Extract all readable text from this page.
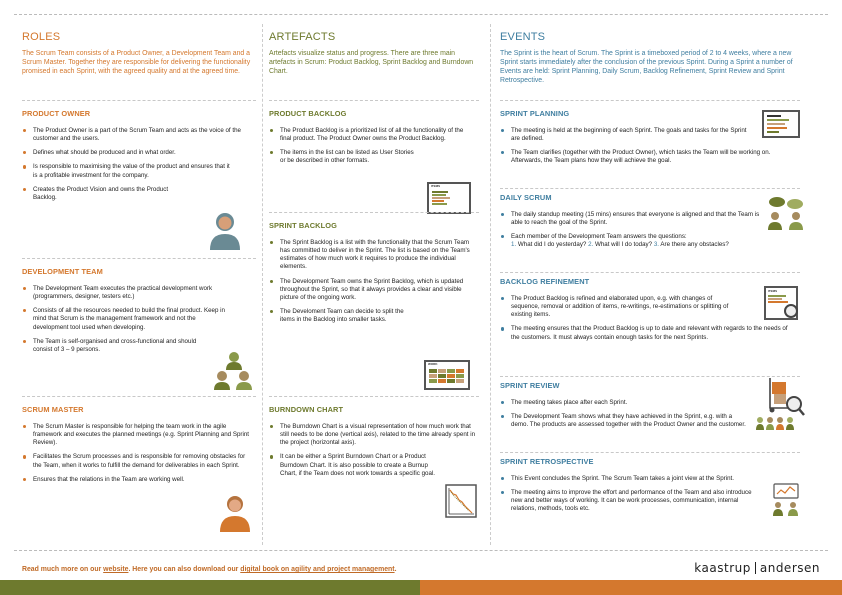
ROLES
The Scrum Team consists of a Product Owner, a Development Team and a Scrum Master. Together they are responsible for delivering the functionality promised in each Sprint, with the agreed quality and at the agreed time.
PRODUCT OWNER
The Product Owner is a part of the Scrum Team and acts as the voice of the customer and the users.
Defines what should be produced and in what order.
Is responsible to maximising the value of the product and ensures that it is a profitable investment for the company.
Creates the Product Vision and owns the Product Backlog.
DEVELOPMENT TEAM
The Development Team executes the practical development work (programmers, designer, testers etc.)
Consists of all the resources needed to build the final product. Keep in mind that Scrum is the management framework and not the development tool used when developing.
The Team is self-organised and cross-functional and should consist of 3 – 9 persons.
SCRUM MASTER
The Scrum Master is responsible for helping the team work in the agile framework and executes the planned meetings (e.g. Sprint Planning and Sprint Review).
Facilitates the Scrum processes and is responsible for removing obstacles for the Team, when it works to fulfill the demand for deliverables in each Sprint.
Ensures that the relations in the Team are working well.
ARTEFACTS
Artefacts visualize status and progress. There are three main artefacts in Scrum: Product Backlog, Sprint Backlog and Burndown Chart.
PRODUCT BACKLOG
The Product Backlog is a prioritized list of all the functionality of the final product. The Product Owner owns the Product Backlog.
The items in the list can be listed as User Stories or be described in other formats.
ITEMS
SPRINT BACKLOG
The Sprint Backlog is a list with the functionality that the Scrum Team has committed to deliver in the Sprint. The list is based on the Team's estimates of how much work it requires to produce the individual elements.
The Development Team owns the Sprint Backlog, which is updated throughout the Sprint, so that it always provides a clear and visible picture of the ongoing work.
The Develoment Team can decide to split the items in the Backlog into smaller tasks.
WORK
BURNDOWN CHART
The Burndown Chart is a visual representation of how much work that still needs to be done (vertical axis), related to the time already spent in the project (horizontal axis).
It can be either a Sprint Burndown Chart or a Product Burndown Chart. It is also possible to create a Burnup Chart, if the Team does not work towards a specific goal.
EVENTS
The Sprint is the heart of Scrum. The Sprint is a timeboxed period of 2 to 4 weeks, where a new Sprint starts immediately after the conclusion of the previous Sprint. During a Sprint a number of Events are held: Sprint Planning, Daily Scrum, Backlog Refinement, Sprint Review and Sprint Retrospective.
SPRINT PLANNING
The meeting is held at the beginning of each Sprint. The goals and tasks for the Sprint are defined.
The Team clarifies (together with the Product Owner), which tasks the Team will be working on. Afterwards, the Team plans how they will achieve the goal.
DAILY SCRUM
The daily standup meeting (15 mins) ensures that everyone is aligned and that the Team is able to reach the goal of the Sprint.
Each member of the Development Team answers the questions:
1. What did I do yesterday? 2. What will I do today? 3. Are there any obstacles?
BACKLOG REFINEMENT
The Product Backlog is refined and elaborated upon, e.g. with changes of sequence, removal or addition of items, re-writings, re-estimations or splitting of existing items.
The meeting ensures that the Product Backlog is up to date and relevant with regards to the needs of the customers. It must always contain enough tasks for the next Sprints.
ITEMS
SPRINT REVIEW
The meeting takes place after each Sprint.
The Development Team shows what they have achieved in the Sprint, e.g. with a demo. The products are assessed together with the Product Owner and the customer.
SPRINT RETROSPECTIVE
This Event concludes the Sprint. The Scrum Team takes a joint view at the Sprint.
The meeting aims to improve the effort and performance of the Team and also introduce new and better ways of working. It can be work processes, communication, internal relations, methods, tools etc.
Read much more on our website. Here you can also download our digital book on agility and project management.	kaastrup andersen
